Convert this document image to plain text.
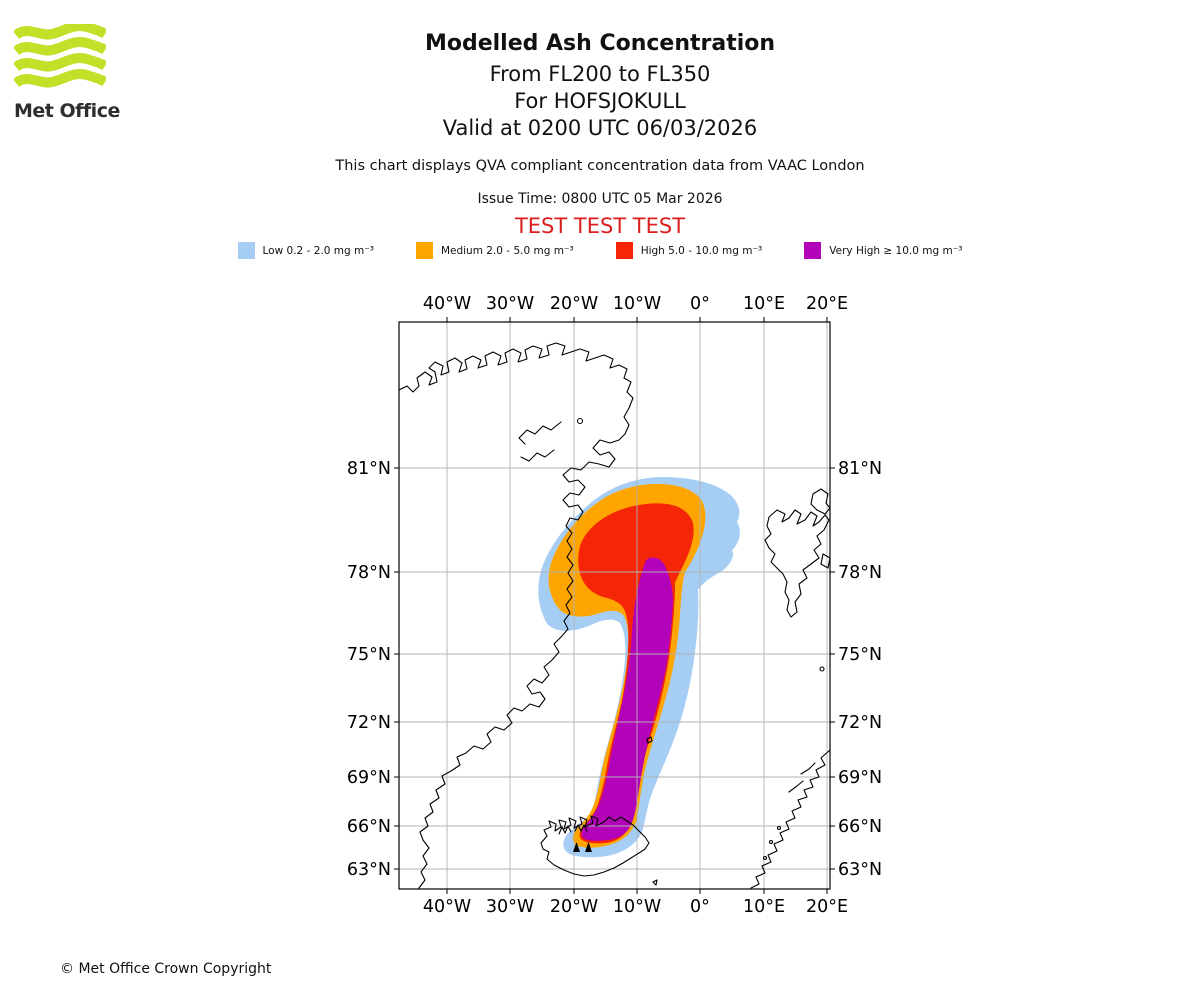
Met Office
Modelled Ash Concentration
From FL200 to FL350
For HOFSJOKULL
Valid at 0200 UTC 06/03/2026
This chart displays QVA compliant concentration data from VAAC London
Issue Time: 0800 UTC 05 Mar 2026
TEST TEST TEST
Low 0.2 - 2.0 mg m⁻³	Medium 2.0 - 5.0 mg m⁻³	High 5.0 - 10.0 mg m⁻³	Very High ≥ 10.0 mg m⁻³
40°W 30°W 20°W 10°W 0° 10°E 20°E
40°W 30°W 20°W 10°W 0° 10°E 20°E
81°N
78°N
75°N
72°N
69°N
66°N
63°N
81°N
78°N
75°N
72°N
69°N
66°N
63°N
© Met Office Crown Copyright
